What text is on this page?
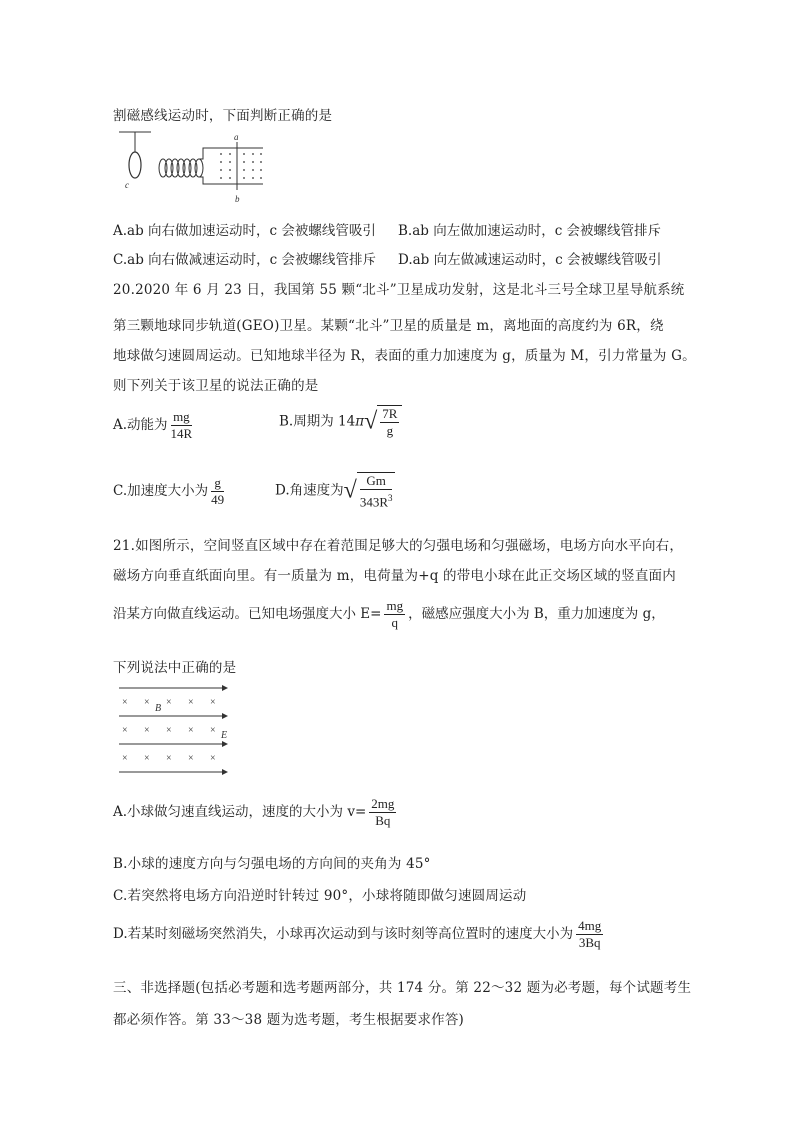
割磁感线运动时，下面判断正确的是
c
a
b
A.ab 向右做加速运动时，c 会被螺线管吸引 B.ab 向左做加速运动时，c 会被螺线管排斥
C.ab 向右做减速运动时，c 会被螺线管排斥 D.ab 向左做减速运动时，c 会被螺线管吸引
20.2020 年 6 月 23 日，我国第 55 颗“北斗”卫星成功发射，这是北斗三号全球卫星导航系统
第三颗地球同步轨道(GEO)卫星。某颗“北斗”卫星的质量是 m，离地面的高度约为 6R，绕
地球做匀速圆周运动。已知地球半径为 R，表面的重力加速度为 g，质量为 M，引力常量为 G。
则下列关于该卫星的说法正确的是
A.动能为 $\frac{mg}{14R}$	B.周期为 $14\pi√ \frac{7R}{g}$
C.加速度大小为 $\frac{g}{49}$	D.角速度为√ $\frac{Gm}{343R^3}$
21.如图所示，空间竖直区域中存在着范围足够大的匀强电场和匀强磁场，电场方向水平向右，
磁场方向垂直纸面向里。有一质量为 m，电荷量为+q 的带电小球在此正交场区域的竖直面内
沿某方向做直线运动。已知电场强度大小 $E= \frac{mg}{q}$ ，磁感应强度大小为 B，重力加速度为 g，
下列说法中正确的是
× × × × ×
× × × × ×
× × × × ×
B
E
A.小球做匀速直线运动，速度的大小为 $v= \frac{2mg}{Bq}$
B.小球的速度方向与匀强电场的方向间的夹角为 45°
C.若突然将电场方向沿逆时针转过 90°，小球将随即做匀速圆周运动
D.若某时刻磁场突然消失，小球再次运动到与该时刻等高位置时的速度大小为 $\frac{4mg}{3Bq}$
三、非选择题(包括必考题和选考题两部分，共 174 分。第 22～32 题为必考题，每个试题考生
都必须作答。第 33～38 题为选考题，考生根据要求作答)
